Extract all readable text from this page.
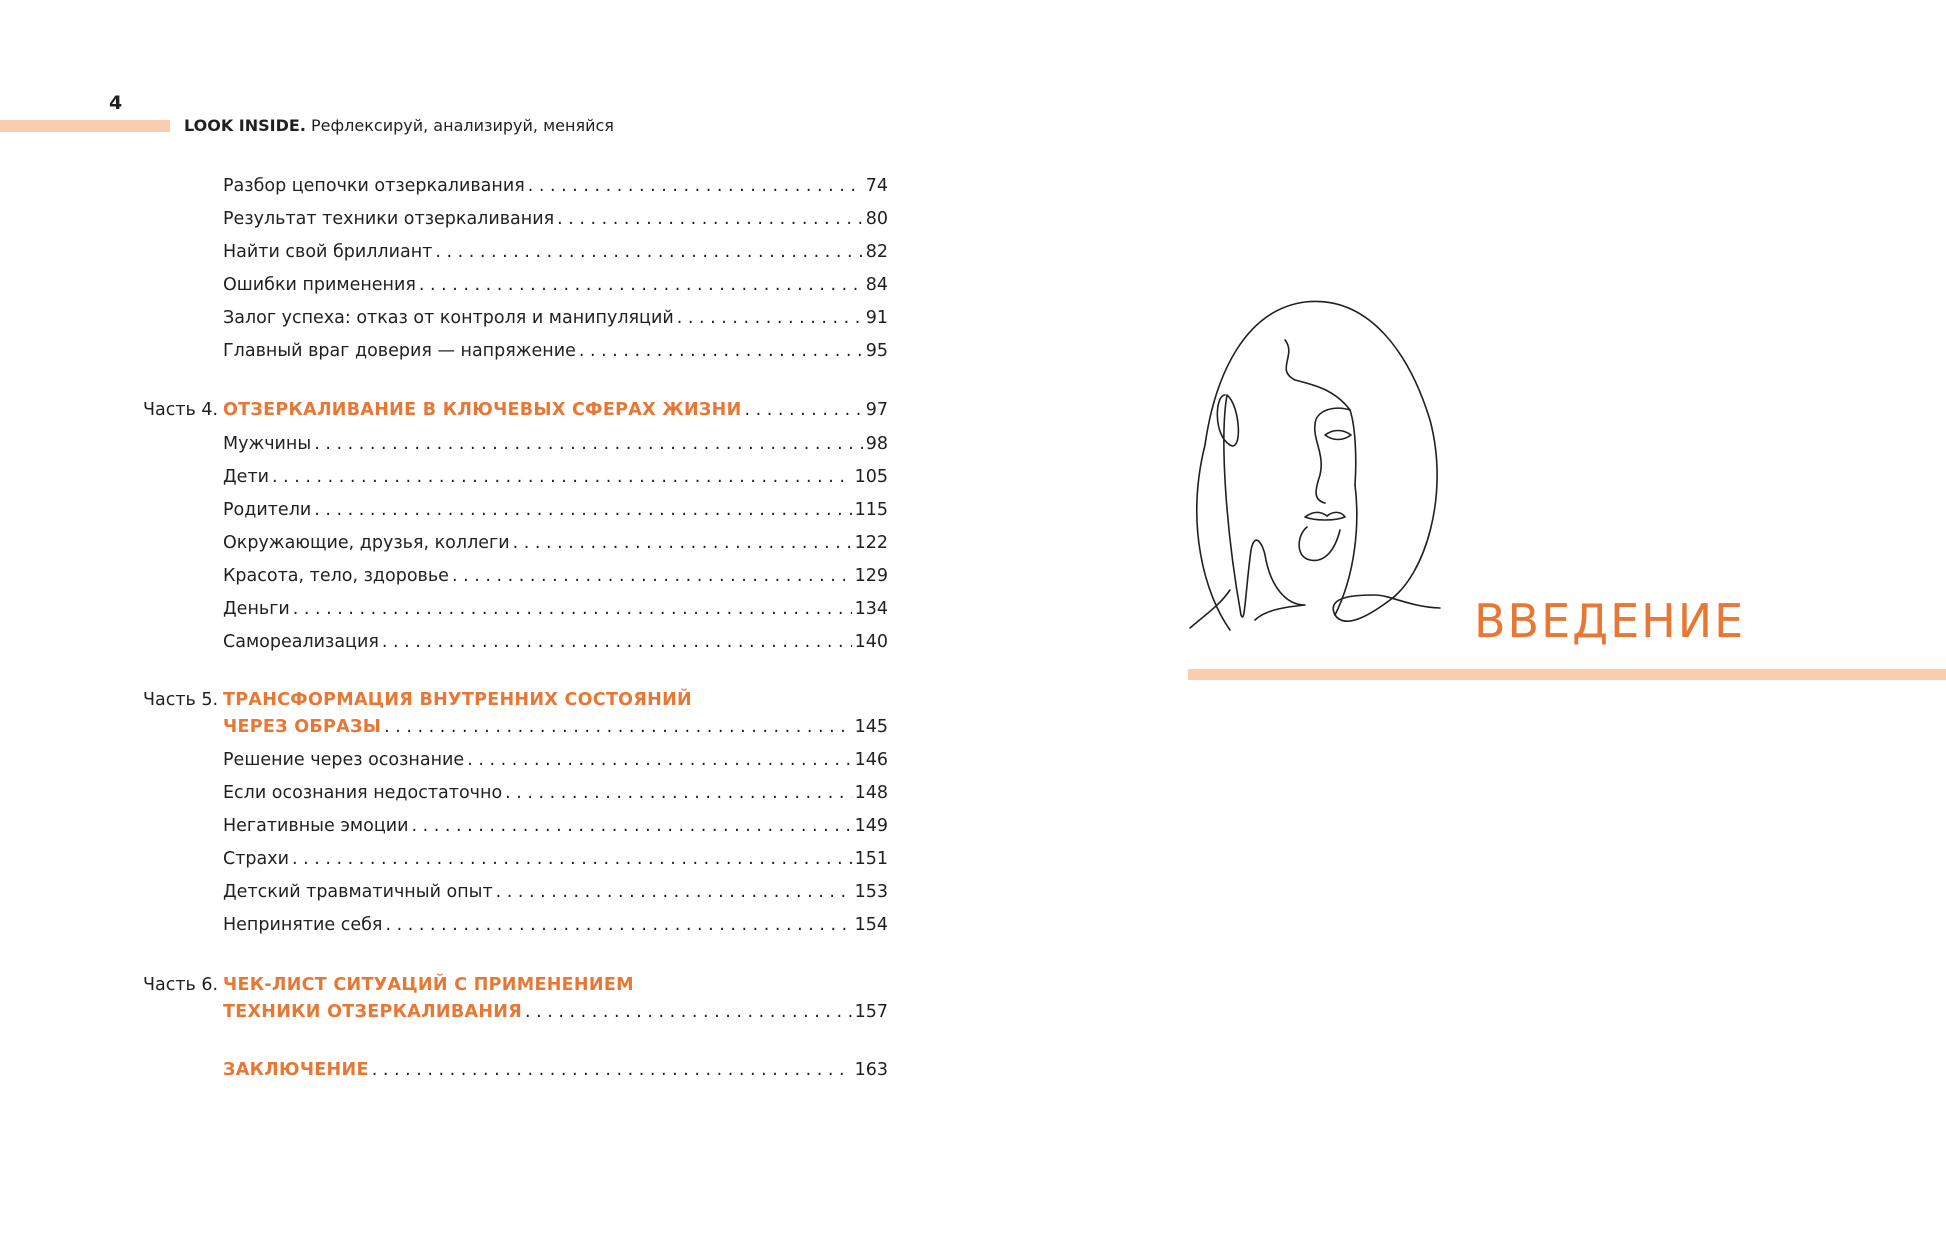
4
LOOK INSIDE. Рефлексируй, анализируй, меняйся
Разбор цепочки отзеркаливания . . .	74
Результат техники отзеркаливания . . .	80
Найти свой бриллиант . . .	82
Ошибки применения . . .	84
Залог успеха: отказ от контроля и манипуляций . . .	91
Главный враг доверия — напряжение . . .	95
Часть 4. ОТЗЕРКАЛИВАНИЕ В КЛЮЧЕВЫХ СФЕРАХ ЖИЗНИ . . .	97
Мужчины . . .	98
Дети . . .	105
Родители . . .	115
Окружающие, друзья, коллеги . . .	122
Красота, тело, здоровье . . .	129
Деньги . . .	134
Самореализация . . .	140
Часть 5. ТРАНСФОРМАЦИЯ ВНУТРЕННИХ СОСТОЯНИЙ
ЧЕРЕЗ ОБРАЗЫ . . .	145
Решение через осознание . . .	146
Если осознания недостаточно . . .	148
Негативные эмоции . . .	149
Страхи . . .	151
Детский травматичный опыт . . .	153
Непринятие себя . . .	154
Часть 6. ЧЕК-ЛИСТ СИТУАЦИЙ С ПРИМЕНЕНИЕМ
ТЕХНИКИ ОТЗЕРКАЛИВАНИЯ . . .	157
ЗАКЛЮЧЕНИЕ . . .	163
ВВЕДЕНИЕ
